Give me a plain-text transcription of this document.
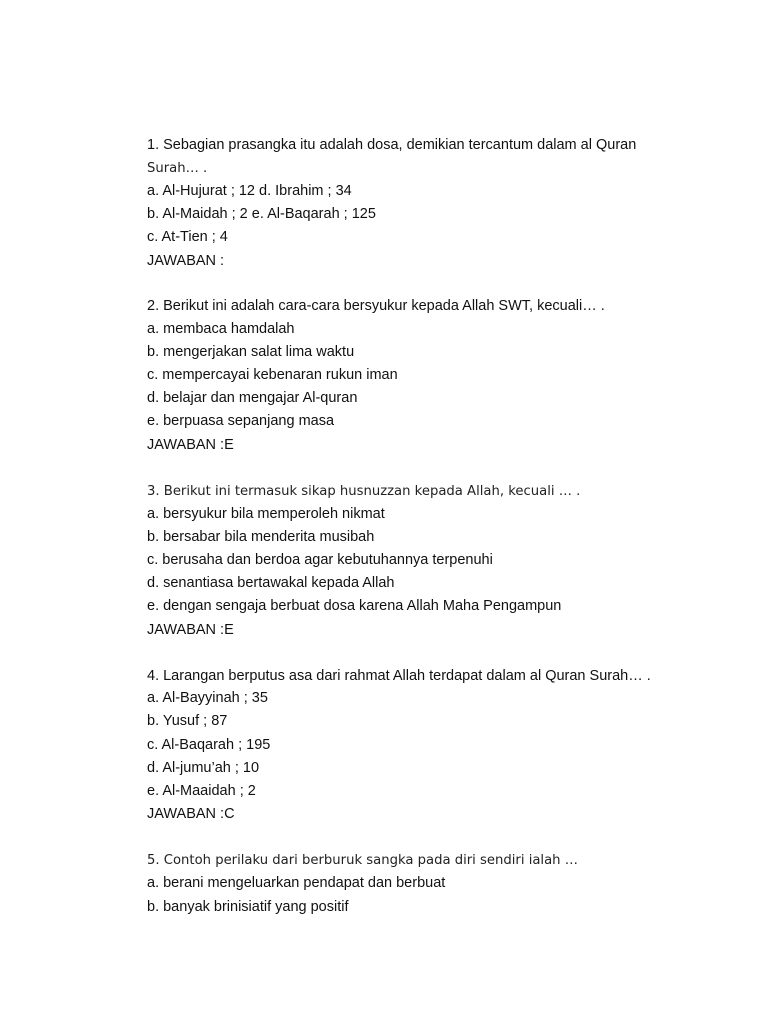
1. Sebagian prasangka itu adalah dosa, demikian tercantum dalam al Quran
Surah… .
a. Al-Hujurat ; 12 d. Ibrahim ; 34
b. Al-Maidah ; 2 e. Al-Baqarah ; 125
c. At-Tien ; 4
JAWABAN :
2. Berikut ini adalah cara-cara bersyukur kepada Allah SWT, kecuali… .
a. membaca hamdalah
b. mengerjakan salat lima waktu
c. mempercayai kebenaran rukun iman
d. belajar dan mengajar Al-quran
e. berpuasa sepanjang masa
JAWABAN :E
3. Berikut ini termasuk sikap husnuzzan kepada Allah, kecuali … .
a. bersyukur bila memperoleh nikmat
b. bersabar bila menderita musibah
c. berusaha dan berdoa agar kebutuhannya terpenuhi
d. senantiasa bertawakal kepada Allah
e. dengan sengaja berbuat dosa karena Allah Maha Pengampun
JAWABAN :E
4. Larangan berputus asa dari rahmat Allah terdapat dalam al Quran Surah… .
a. Al-Bayyinah ; 35
b. Yusuf ; 87
c. Al-Baqarah ; 195
d. Al-jumu’ah ; 10
e. Al-Maaidah ; 2
JAWABAN :C
5. Contoh perilaku dari berburuk sangka pada diri sendiri ialah …
a. berani mengeluarkan pendapat dan berbuat
b. banyak brinisiatif yang positif
